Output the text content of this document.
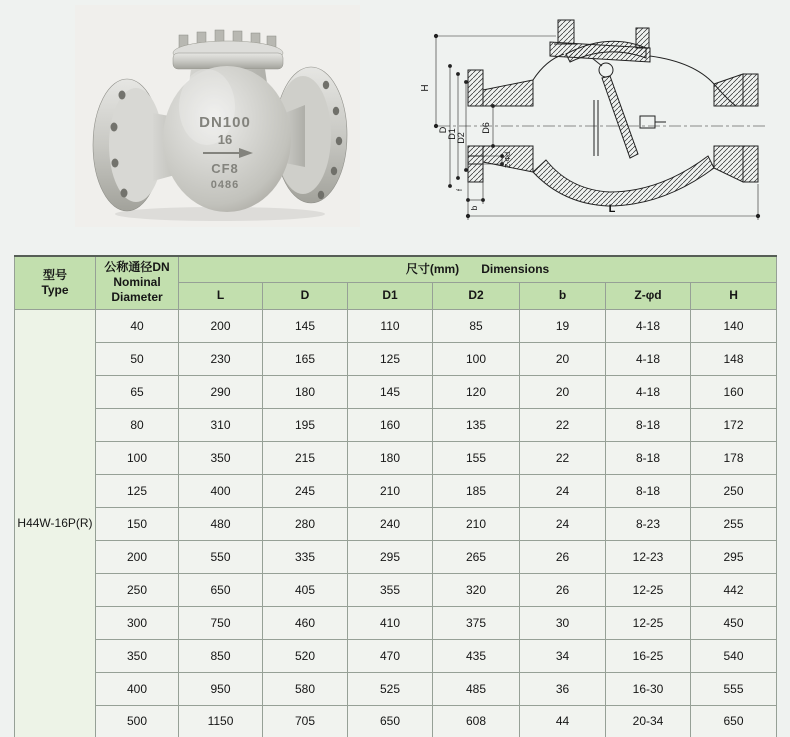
DN100
16
CF8
0486
H
D D1 D2
D6
Z-Φd
b
f
L
型号
Type	公称通径DN
Nominal
Diameter	尺寸(mm) Dimensions						
		L	D	D1	D2	b	Z-φd	H
H44W-16P(R)	40	200	145	110	85	19	4-18	140
	50	230	165	125	100	20	4-18	148
	65	290	180	145	120	20	4-18	160
	80	310	195	160	135	22	8-18	172
	100	350	215	180	155	22	8-18	178
	125	400	245	210	185	24	8-18	250
	150	480	280	240	210	24	8-23	255
	200	550	335	295	265	26	12-23	295
	250	650	405	355	320	26	12-25	442
	300	750	460	410	375	30	12-25	450
	350	850	520	470	435	34	16-25	540
	400	950	580	525	485	36	16-30	555
	500	1150	705	650	608	44	20-34	650
